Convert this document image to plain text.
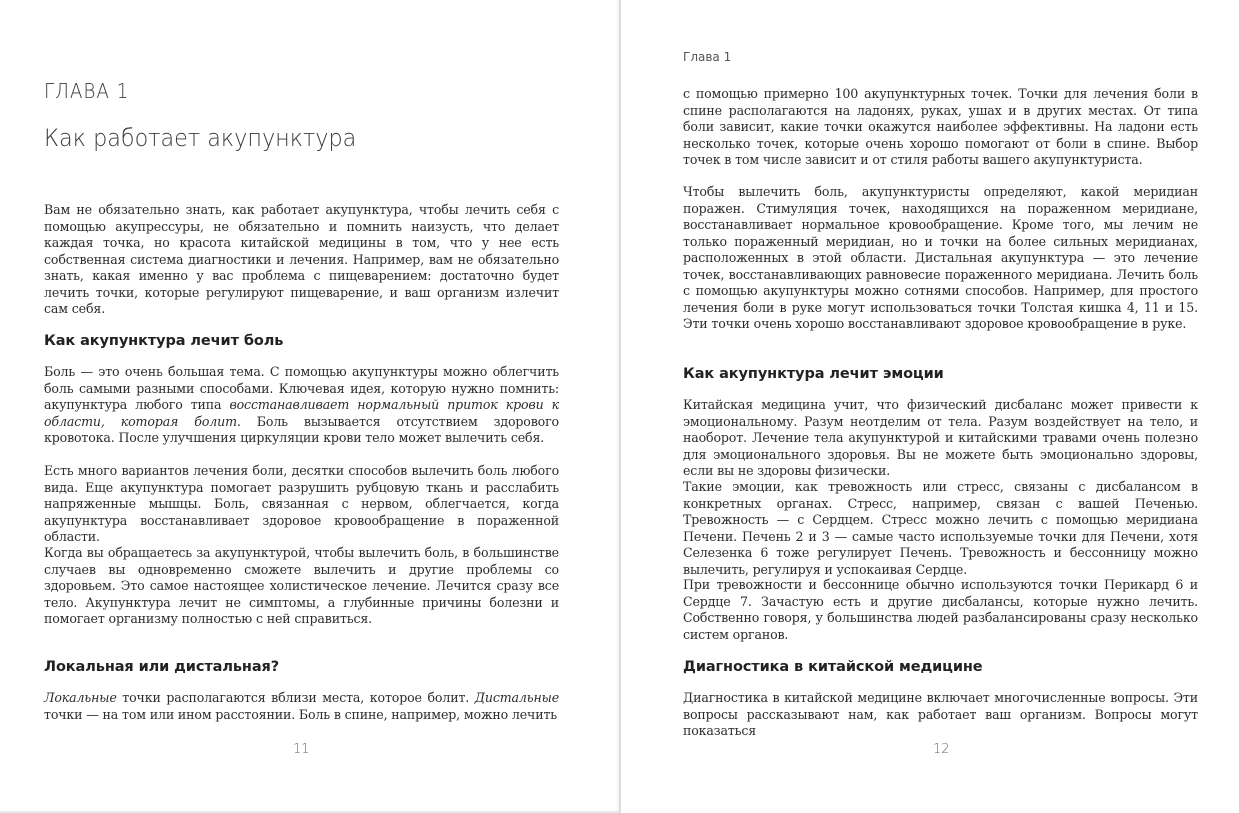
ГЛАВА 1
Как работает акупунктура

Вам не обязательно знать, как работает акупунктура, чтобы лечить себя с помощью акупрессуры, не обязательно и помнить наизусть, что делает каждая точка, но красота китайской медицины в том, что у нее есть собственная система диагностики и лечения. Например, вам не обязательно знать, какая именно у вас проблема с пищеварением: достаточно будет лечить точки, которые регулируют пищеварение, и ваш организм излечит сам себя.

Как акупунктура лечит боль

Боль — это очень большая тема. С помощью акупунктуры можно облегчить боль самыми разными способами. Ключевая идея, которую нужно помнить: акупунктура любого типа восстанавливает нормальный приток крови к области, которая болит. Боль вызывается отсутствием здорового кровотока. После улучшения циркуляции крови тело может вылечить себя.

Есть много вариантов лечения боли, десятки способов вылечить боль любого вида. Еще акупунктура помогает разрушить рубцовую ткань и расслабить напряженные мышцы. Боль, связанная с нервом, облегчается, когда акупунктура восстанавливает здоровое кровообращение в пораженной области.

Когда вы обращаетесь за акупунктурой, чтобы вылечить боль, в большинстве случаев вы одновременно сможете вылечить и другие проблемы со здоровьем. Это самое настоящее холистическое лечение. Лечится сразу все тело. Акупунктура лечит не симптомы, а глубинные причины болезни и помогает организму полностью с ней справиться.

Локальная или дистальная?

Локальные точки располагаются вблизи места, которое болит. Дистальные точки — на том или ином расстоянии. Боль в спине, например, можно лечить

11
Глава 1

с помощью примерно 100 акупунктурных точек. Точки для лечения боли в спине располагаются на ладонях, руках, ушах и в других местах. От типа боли зависит, какие точки окажутся наиболее эффективны. На ладони есть несколько точек, которые очень хорошо помогают от боли в спине. Выбор точек в том числе зависит и от стиля работы вашего акупунктуриста.

Чтобы вылечить боль, акупунктуристы определяют, какой меридиан поражен. Стимуляция точек, находящихся на пораженном меридиане, восстанавливает нормальное кровообращение. Кроме того, мы лечим не только пораженный меридиан, но и точки на более сильных меридианах, расположенных в этой области. Дистальная акупунктура — это лечение точек, восстанавливающих равновесие пораженного меридиана. Лечить боль с помощью акупунктуры можно сотнями способов. Например, для простого лечения боли в руке могут использоваться точки Толстая кишка 4, 11 и 15. Эти точки очень хорошо восстанавливают здоровое кровообращение в руке.

Как акупунктура лечит эмоции

Китайская медицина учит, что физический дисбаланс может привести к эмоциональному. Разум неотделим от тела. Разум воздействует на тело, и наоборот. Лечение тела акупунктурой и китайскими травами очень полезно для эмоционального здоровья. Вы не можете быть эмоционально здоровы, если вы не здоровы физически.

Такие эмоции, как тревожность или стресс, связаны с дисбалансом в конкретных органах. Стресс, например, связан с вашей Печенью. Тревожность — с Сердцем. Стресс можно лечить с помощью меридиана Печени. Печень 2 и 3 — самые часто используемые точки для Печени, хотя Селезенка 6 тоже регулирует Печень. Тревожность и бессонницу можно вылечить, регулируя и успокаивая Сердце.

При тревожности и бессоннице обычно используются точки Перикард 6 и Сердце 7. Зачастую есть и другие дисбалансы, которые нужно лечить. Собственно говоря, у большинства людей разбалансированы сразу несколько систем органов.

Диагностика в китайской медицине

Диагностика в китайской медицине включает многочисленные вопросы. Эти вопросы рассказывают нам, как работает ваш организм. Вопросы могут показаться

12
